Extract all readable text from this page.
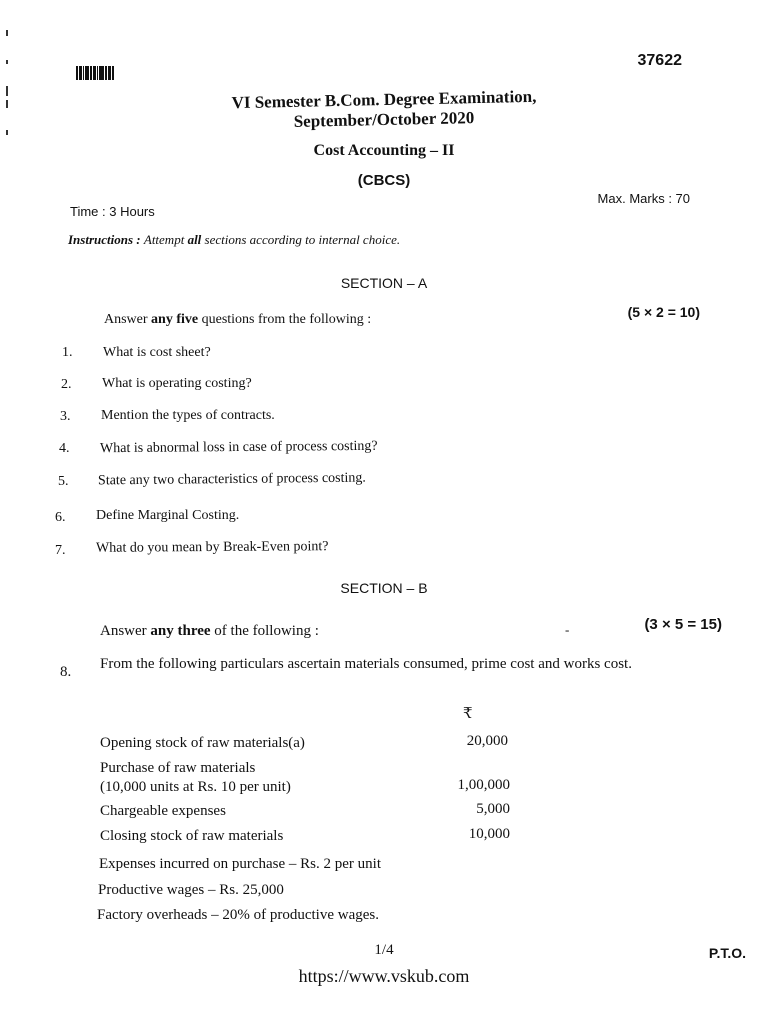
37622
VI Semester B.Com. Degree Examination,
September/October 2020
Cost Accounting – II
(CBCS)
Time : 3 Hours
Max. Marks : 70
Instructions : Attempt all sections according to internal choice.
SECTION – A
Answer any five questions from the following :	(5 × 2 = 10)
1. What is cost sheet?
2. What is operating costing?
3. Mention the types of contracts.
4. What is abnormal loss in case of process costing?
5. State any two characteristics of process costing.
6. Define Marginal Costing.
7. What do you mean by Break-Even point?
SECTION – B
Answer any three of the following :	-	(3 × 5 = 15)
8. From the following particulars ascertain materials consumed, prime cost and works cost.
₹
Opening stock of raw materials(a)	20,000
Purchase of raw materials
(10,000 units at Rs. 10 per unit)	1,00,000
Chargeable expenses	5,000
Closing stock of raw materials	10,000
Expenses incurred on purchase – Rs. 2 per unit
Productive wages – Rs. 25,000
Factory overheads – 20% of productive wages.
1/4	P.T.O.
https://www.vskub.com
